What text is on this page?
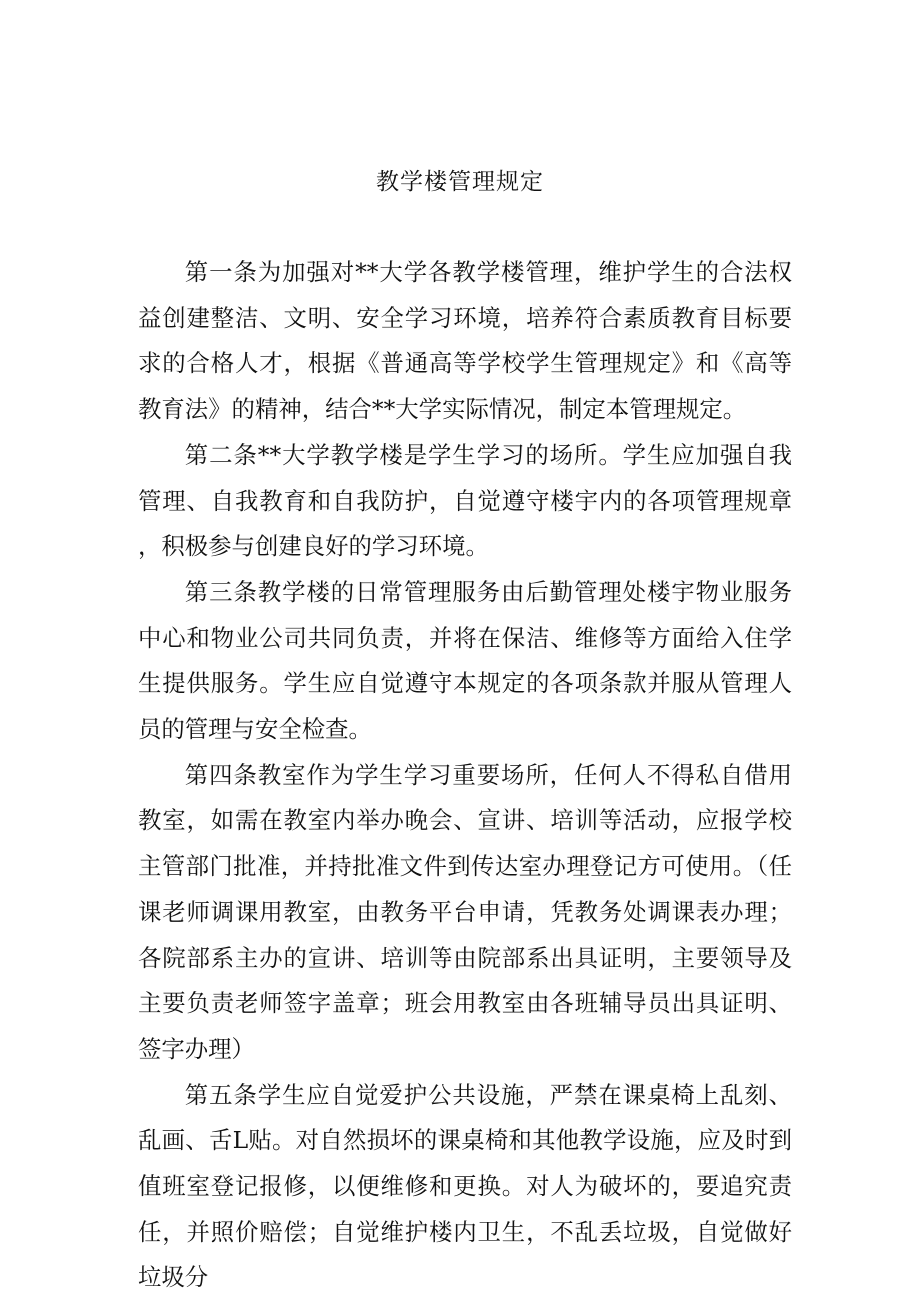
教学楼管理规定

第一条为加强对**大学各教学楼管理，维护学生的合法权益创建整洁、文明、安全学习环境，培养符合素质教育目标要求的合格人才，根据《普通高等学校学生管理规定》和《高等教育法》的精神，结合**大学实际情况，制定本管理规定。

第二条**大学教学楼是学生学习的场所。学生应加强自我管理、自我教育和自我防护，自觉遵守楼宇内的各项管理规章，积极参与创建良好的学习环境。

第三条教学楼的日常管理服务由后勤管理处楼宇物业服务中心和物业公司共同负责，并将在保洁、维修等方面给入住学生提供服务。学生应自觉遵守本规定的各项条款并服从管理人员的管理与安全检查。

第四条教室作为学生学习重要场所，任何人不得私自借用教室，如需在教室内举办晚会、宣讲、培训等活动，应报学校主管部门批准，并持批准文件到传达室办理登记方可使用。（任课老师调课用教室，由教务平台申请，凭教务处调课表办理；各院部系主办的宣讲、培训等由院部系出具证明，主要领导及主要负责老师签字盖章；班会用教室由各班辅导员出具证明、签字办理）

第五条学生应自觉爱护公共设施，严禁在课桌椅上乱刻、乱画、舌L贴。对自然损坏的课桌椅和其他教学设施，应及时到值班室登记报修，以便维修和更换。对人为破坏的，要追究责任，并照价赔偿；自觉维护楼内卫生，不乱丢垃圾，自觉做好垃圾分
